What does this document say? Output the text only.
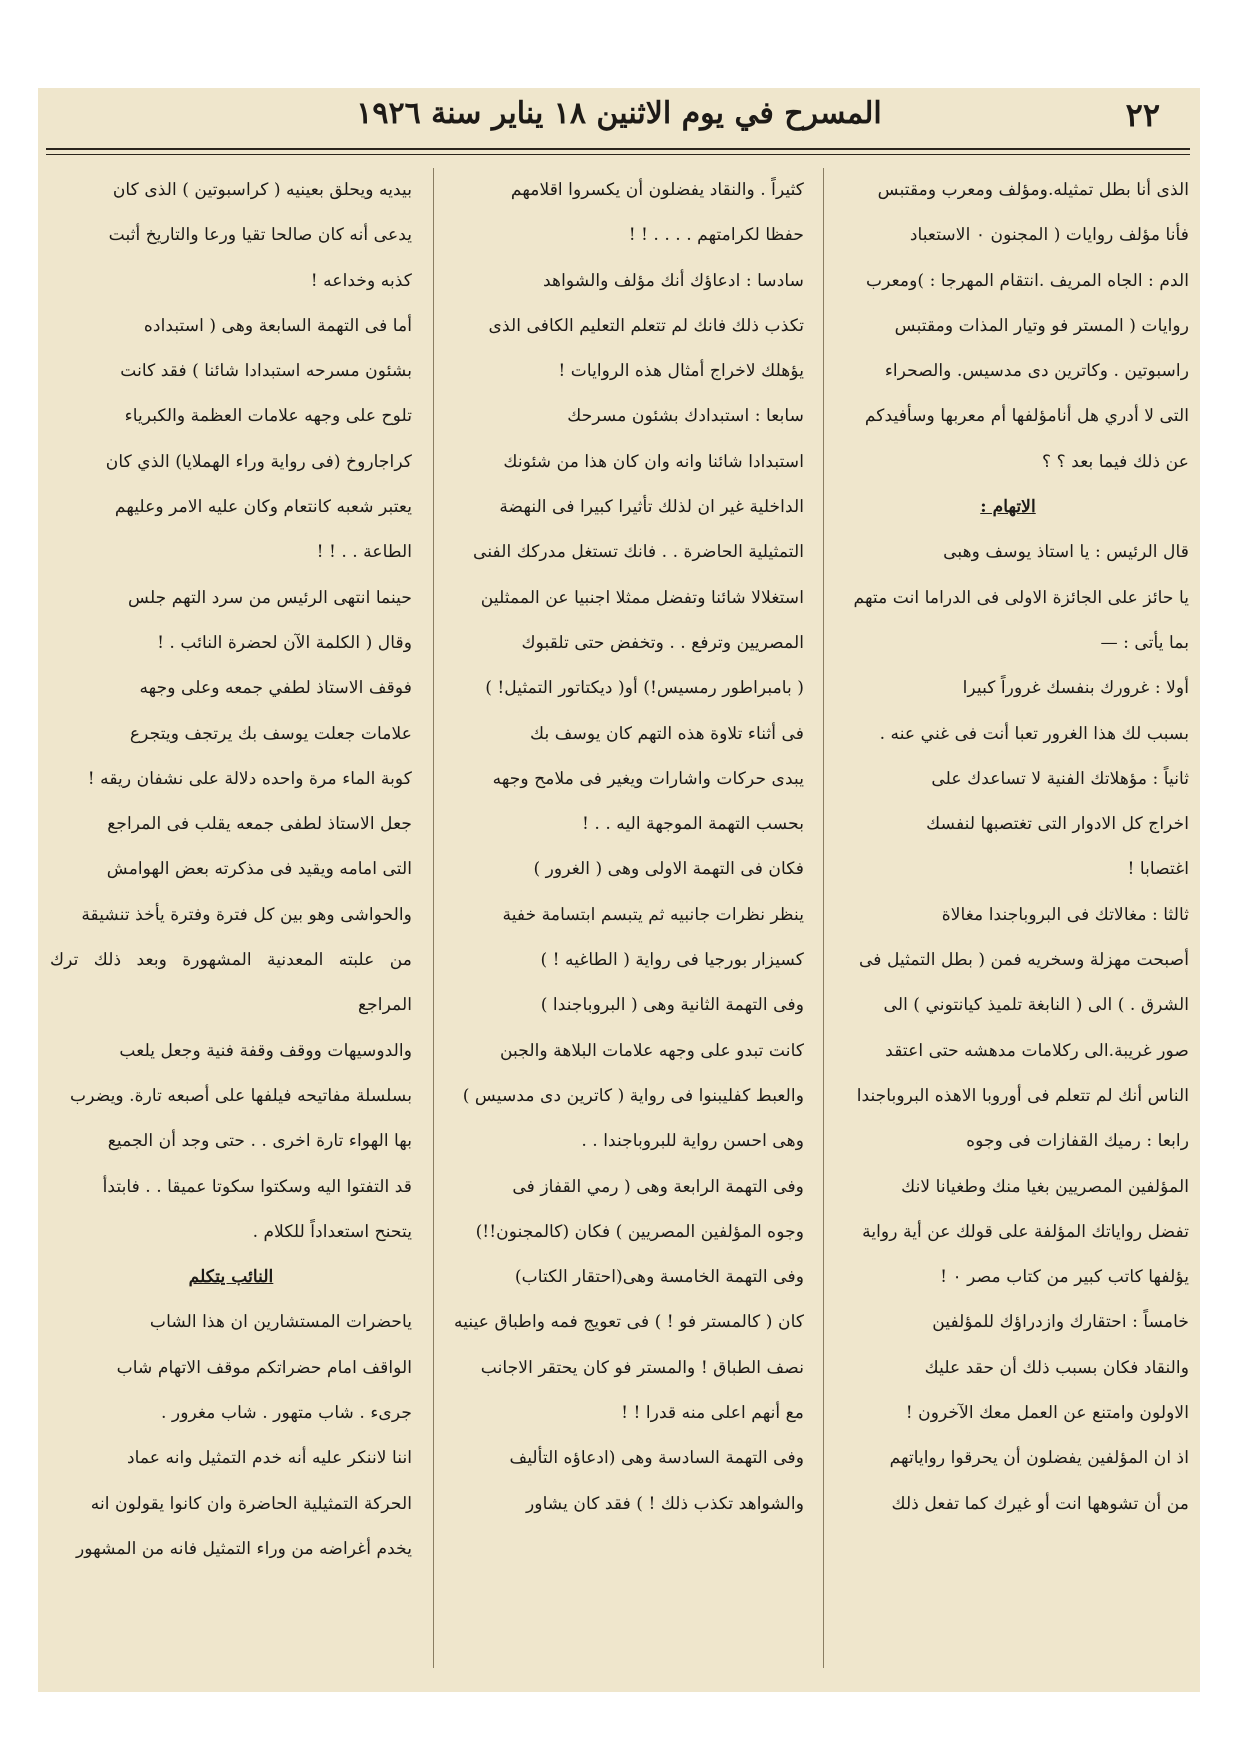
٢٢
المسرح في يوم الاثنين ١٨ يناير سنة ١٩٢٦

الذى أنا بطل تمثيله.ومؤلف ومعرب ومقتبس

فأنا مؤلف روايات ( المجنون ٠ الاستعباد

الدم : الجاه المريف .انتقام المهرجا : )ومعرب

روايات ( المستر فو وتيار المذات ومقتبس

راسبوتين . وكاترين دى مدسيس. والصحراء

التى لا أدري هل أنامؤلفها أم معربها وسأفيدكم

عن ذلك فيما بعد ؟ ؟

الاتهام :

قال الرئيس : يا استاذ يوسف وهبى

يا حائز على الجائزة الاولى فى الدراما انت متهم

بما يأتى : —

أولا : غرورك بنفسك غروراً كبيرا

بسبب لك هذا الغرور تعبا أنت فى غني عنه .

ثانياً : مؤهلاتك الفنية لا تساعدك على

اخراج كل الادوار التى تغتصبها لنفسك

اغتصابا !

ثالثا : مغالاتك فى البروباجندا مغالاة

أصبحت مهزلة وسخريه فمن ( بطل التمثيل فى

الشرق . ) الى ( النابغة تلميذ كيانتوني ) الى

صور غريبة.الى ركلامات مدهشه حتى اعتقد

الناس أنك لم تتعلم فى أوروبا الاهذه البروباجندا

رابعا : رميك القفازات فى وجوه

المؤلفين المصريين بغيا منك وطغيانا لانك

تفضل رواياتك المؤلفة على قولك عن أية رواية

يؤلفها كاتب كبير من كتاب مصر ٠ !

خامساً : احتقارك وازدراؤك للمؤلفين

والنقاد فكان بسبب ذلك أن حقد عليك

الاولون وامتنع عن العمل معك الآخرون !

اذ ان المؤلفين يفضلون أن يحرقوا رواياتهم

من أن تشوهها انت أو غيرك كما تفعل ذلك

كثيراً . والنقاد يفضلون أن يكسروا اقلامهم

حفظا لكرامتهم . . . . ! !

سادسا : ادعاؤك أنك مؤلف والشواهد

تكذب ذلك فانك لم تتعلم التعليم الكافى الذى

يؤهلك لاخراج أمثال هذه الروايات !

سابعا : استبدادك بشئون مسرحك

استبدادا شائنا وانه وان كان هذا من شئونك

الداخلية غير ان لذلك تأثيرا كبيرا فى النهضة

التمثيلية الحاضرة . . فانك تستغل مدركك الفنى

استغلالا شائنا وتفضل ممثلا اجنبيا عن الممثلين

المصريين وترفع . . وتخفض حتى تلقبوك

( بامبراطور رمسيس!) أو( ديكتاتور التمثيل! )

فى أثناء تلاوة هذه التهم كان يوسف بك

يبدى حركات واشارات ويغير فى ملامح وجهه

بحسب التهمة الموجهة اليه . . !

فكان فى التهمة الاولى وهى ( الغرور )

ينظر نظرات جانبيه ثم يتبسم ابتسامة خفية

كسيزار بورجيا فى رواية ( الطاغيه ! )

وفى التهمة الثانية وهى ( البروباجندا )

كانت تبدو على وجهه علامات البلاهة والجبن

والعبط كفليبنوا فى رواية ( كاترين دى مدسيس )

وهى احسن رواية للبروباجندا . .

وفى التهمة الرابعة وهى ( رمي القفاز فى

وجوه المؤلفين المصريين ) فكان (كالمجنون!!)

وفى التهمة الخامسة وهى(احتقار الكتاب)

كان ( كالمستر فو ! ) فى تعويج فمه واطباق عينيه

نصف الطباق ! والمستر فو كان يحتقر الاجانب

مع أنهم اعلى منه قدرا ! !

وفى التهمة السادسة وهى (ادعاؤه التأليف

والشواهد تكذب ذلك ! ) فقد كان يشاور

بيديه ويحلق بعينيه ( كراسبوتين ) الذى كان

يدعى أنه كان صالحا تقيا ورعا والتاريخ أثبت

كذبه وخداعه !

أما فى التهمة السابعة وهى ( استبداده

بشئون مسرحه استبدادا شائنا ) فقد كانت

تلوح على وجهه علامات العظمة والكبرياء

كراجاروخ (فى رواية وراء الهملايا) الذي كان

يعتبر شعبه كانتعام وكان عليه الامر وعليهم

الطاعة . . ! !

حينما انتهى الرئيس من سرد التهم جلس

وقال ( الكلمة الآن لحضرة النائب . !

فوقف الاستاذ لطفي جمعه وعلى وجهه

علامات جعلت يوسف بك يرتجف ويتجرع

كوبة الماء مرة واحده دلالة على نشفان ريقه !

جعل الاستاذ لطفى جمعه يقلب فى المراجع

التى امامه ويقيد فى مذكرته بعض الهوامش

والحواشى وهو بين كل فترة وفترة يأخذ تنشيقة

من علبته المعدنية المشهورة وبعد ذلك ترك المراجع

والدوسيهات ووقف وقفة فنية وجعل يلعب

بسلسلة مفاتيحه فيلفها على أصبعه تارة. ويضرب

بها الهواء تارة اخرى . . حتى وجد أن الجميع

قد التفتوا اليه وسكتوا سكوتا عميقا . . فابتدأ

يتحنح استعداداً للكلام .

النائب يتكلم

ياحضرات المستشارين ان هذا الشاب

الواقف امام حضراتكم موقف الاتهام شاب

جرىء . شاب متهور . شاب مغرور .

اننا لاننكر عليه أنه خدم التمثيل وانه عماد

الحركة التمثيلية الحاضرة وان كانوا يقولون انه

يخدم أغراضه من وراء التمثيل فانه من المشهور
